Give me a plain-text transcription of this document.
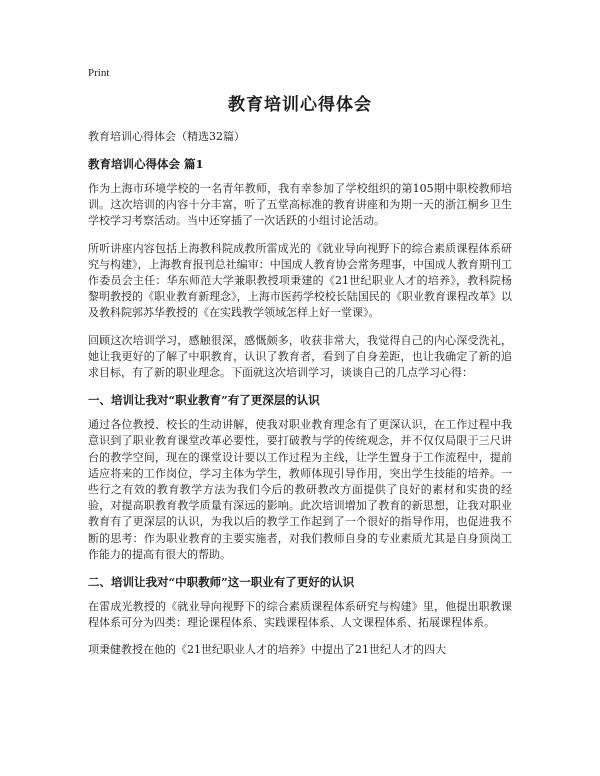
Print
教育培训心得体会
教育培训心得体会（精选32篇）
教育培训心得体会 篇1

作为上海市环境学校的一名青年教师，我有幸参加了学校组织的第105期中职校教师培训。这次培训的内容十分丰富，听了五堂高标准的教育讲座和为期一天的浙江桐乡卫生学校学习考察活动。当中还穿插了一次话跃的小组讨论活动。

所听讲座内容包括上海教科院成教所雷成光的《就业导向视野下的综合素质课程体系研究与构建》，上海教育报刊总社编审：中国成人教育协会常务理事，中国成人教育期刊工作委员会主任：华东师范大学兼职教授项秉建的《21世纪职业人才的培养》，教科院杨黎明教授的《职业教育新理念》，上海市医药学校校长陆国民的《职业教育课程改革》以及教科院郭苏华教授的《在实践教学领域怎样上好一堂课》。

回顾这次培训学习，感触很深，感慨颇多，收获非常大，我觉得自己的内心深受洗礼，她让我更好的了解了中职教育，认识了教育者，看到了自身差距，也让我确定了新的追求目标，有了新的职业理念。下面就这次培训学习，谈谈自己的几点学习心得：

一、培训让我对“职业教育”有了更深层的认识

通过各位教授、校长的生动讲解，使我对职业教育理念有了更深认识，在工作过程中我意识到了职业教育课堂改革必要性，要打破教与学的传统观念，并不仅仅局限于三尺讲台的教学空间，现在的课堂设计要以工作过程为主线，让学生置身于工作流程中，提前适应将来的工作岗位，学习主体为学生，教师体现引导作用，突出学生技能的培养。一些行之有效的教育教学方法为我们今后的教研教改方面提供了良好的素材和实贵的经验，对提高职教育教学质量有深远的影响。此次培训增加了教育的新思想，让我对职业教育有了更深层的认识，为我以后的教学工作起到了一个很好的指导作用，也促进我不断的思考：作为职业教育的主要实施者，对我们教师自身的专业素质尤其是自身顶岗工作能力的提高有很大的帮助。

二、培训让我对“中职教师”这一职业有了更好的认识

在雷成光教授的《就业导向视野下的综合素质课程体系研究与构建》里，他提出职教课程体系可分为四类：理论课程体系、实践课程体系、人文课程体系、拓展课程体系。

项秉健教授在他的《21世纪职业人才的培养》中提出了21世纪人才的四大
